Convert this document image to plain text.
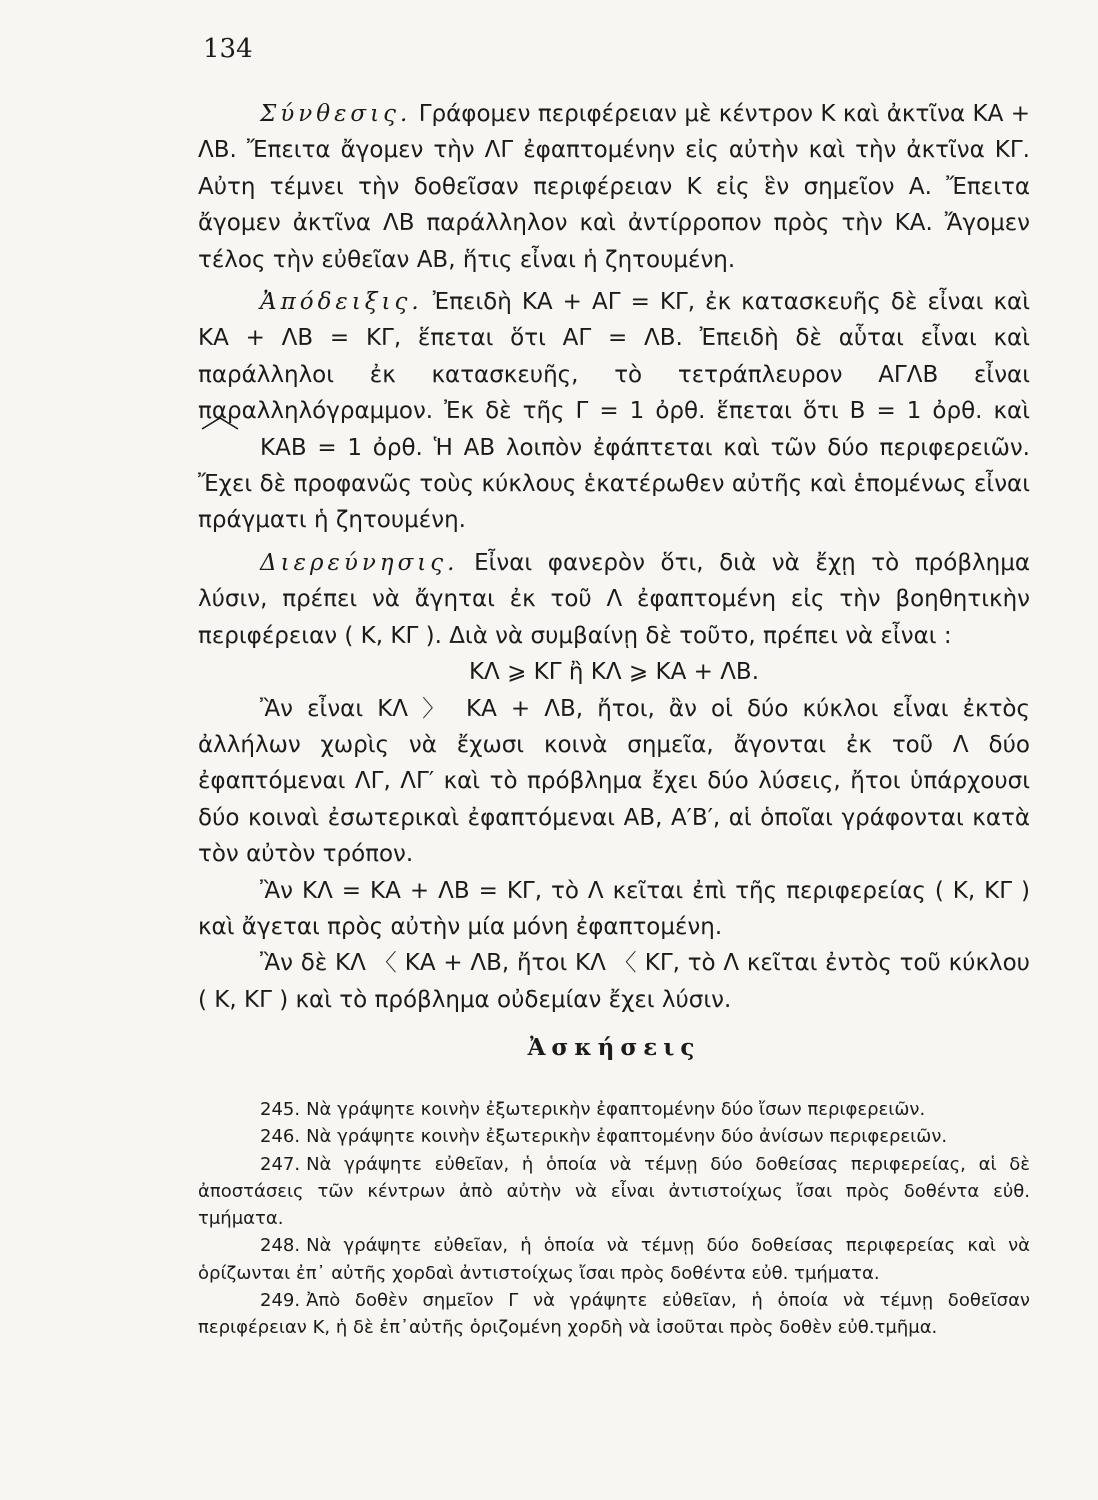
134

Σύνθεσις. Γράφομεν περιφέρειαν μὲ κέντρον Κ καὶ ἀκτῖνα ΚΑ + ΛΒ. Ἔπειτα ἄγομεν τὴν ΛΓ ἐφαπτομένην εἰς αὐτὴν καὶ τὴν ἀκτῖνα ΚΓ. Αὐτη τέμνει τὴν δοθεῖσαν περιφέρειαν Κ εἰς ἓν σημεῖον Α. Ἔπειτα ἄγομεν ἀκτῖνα ΛΒ παράλληλον καὶ ἀντίρροπον πρὸς τὴν ΚΑ. Ἄγομεν τέλος τὴν εὐθεῖαν ΑΒ, ἥτις εἶναι ἡ ζητουμένη.

Ἀπόδειξις. Ἐπειδὴ ΚΑ + ΑΓ = ΚΓ, ἐκ κατασκευῆς δὲ εἶναι καὶ ΚΑ + ΛΒ = ΚΓ, ἕπεται ὅτι ΑΓ = ΛΒ. Ἐπειδὴ δὲ αὗται εἶναι καὶ παράλληλοι ἐκ κατασκευῆς, τὸ τετράπλευρον ΑΓΛΒ εἶναι παραλληλόγραμμον. Ἐκ δὲ τῆς Γ = 1 ὀρθ. ἕπεται ὅτι Β = 1 ὀρθ. καὶ
ΚΑΒ = 1 ὀρθ. Ἡ ΑΒ λοιπὸν ἐφάπτεται καὶ τῶν δύο περιφερειῶν. Ἔχει δὲ προφανῶς τοὺς κύκλους ἑκατέρωθεν αὐτῆς καὶ ἑπομένως εἶναι πράγματι ἡ ζητουμένη.

Διερεύνησις. Εἶναι φανερὸν ὅτι, διὰ νὰ ἔχῃ τὸ πρόβλημα λύσιν, πρέπει νὰ ἄγηται ἐκ τοῦ Λ ἐφαπτομένη εἰς τὴν βοηθητικὴν περιφέρειαν ( Κ, ΚΓ ). Διὰ νὰ συμβαίνῃ δὲ τοῦτο, πρέπει νὰ εἶναι :

ΚΛ ⩾ ΚΓ ἢ ΚΛ ⩾ ΚΑ + ΛΒ.

Ἂν εἶναι ΚΛ 〉 ΚΑ + ΛΒ, ἤτοι, ἂν οἱ δύο κύκλοι εἶναι ἐκτὸς ἀλλήλων χωρὶς νὰ ἔχωσι κοινὰ σημεῖα, ἄγονται ἐκ τοῦ Λ δύο ἐφαπτόμεναι ΛΓ, ΛΓ′ καὶ τὸ πρόβλημα ἔχει δύο λύσεις, ἤτοι ὑπάρχουσι δύο κοιναὶ ἐσωτερικαὶ ἐφαπτόμεναι ΑΒ, Α′Β′, αἱ ὁποῖαι γράφονται κατὰ τὸν αὐτὸν τρόπον.

Ἂν ΚΛ = ΚΑ + ΛΒ = ΚΓ, τὸ Λ κεῖται ἐπὶ τῆς περιφερείας ( Κ, ΚΓ ) καὶ ἄγεται πρὸς αὐτὴν μία μόνη ἐφαπτομένη.

Ἂν δὲ ΚΛ 〈 ΚΑ + ΛΒ, ἤτοι ΚΛ 〈 ΚΓ, τὸ Λ κεῖται ἐντὸς τοῦ κύκλου ( Κ, ΚΓ ) καὶ τὸ πρόβλημα οὐδεμίαν ἔχει λύσιν.

Ἀσκήσεις

245. Νὰ γράψητε κοινὴν ἐξωτερικὴν ἐφαπτομένην δύο ἴσων περιφερειῶν.

246. Νὰ γράψητε κοινὴν ἐξωτερικὴν ἐφαπτομένην δύο ἀνίσων περιφερειῶν.

247. Νὰ γράψητε εὐθεῖαν, ἡ ὁποία νὰ τέμνῃ δύο δοθείσας περιφερείας, αἱ δὲ ἀποστάσεις τῶν κέντρων ἀπὸ αὐτὴν νὰ εἶναι ἀντιστοίχως ἴσαι πρὸς δοθέντα εὐθ. τμήματα.

248. Νὰ γράψητε εὐθεῖαν, ἡ ὁποία νὰ τέμνῃ δύο δοθείσας περιφερείας καὶ νὰ ὁρίζωνται ἐπ᾿ αὐτῆς χορδαὶ ἀντιστοίχως ἴσαι πρὸς δοθέντα εὐθ. τμήματα.

249. Ἀπὸ δοθὲν σημεῖον Γ νὰ γράψητε εὐθεῖαν, ἡ ὁποία νὰ τέμνῃ δοθεῖσαν περιφέρειαν Κ, ἡ δὲ ἐπ᾿αὐτῆς ὁριζομένη χορδὴ νὰ ἰσοῦται πρὸς δοθὲν εὐθ.τμῆμα.
